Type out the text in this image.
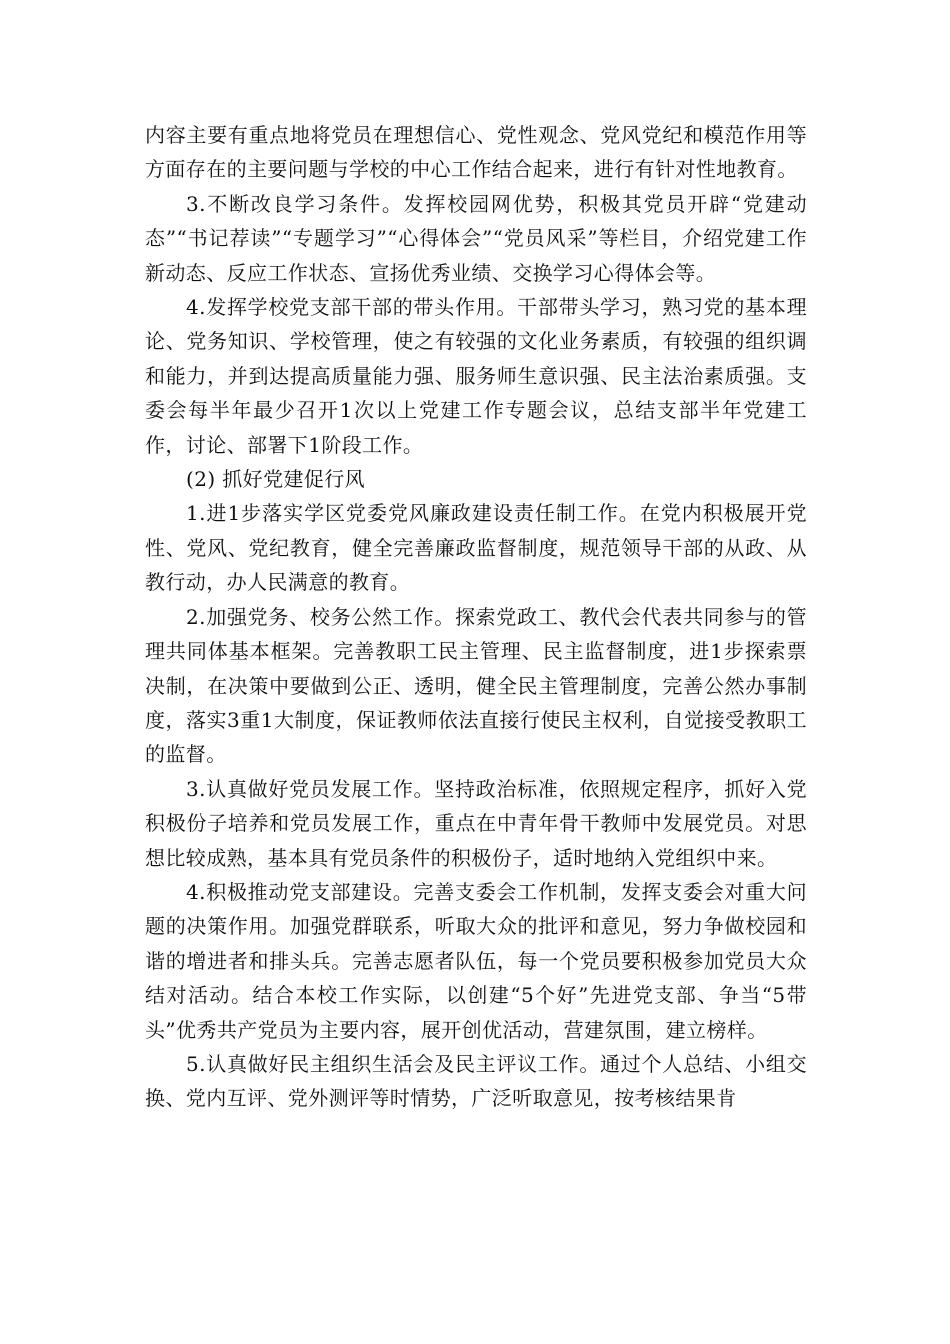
内容主要有重点地将党员在理想信心、党性观念、党风党纪和模范作用等方面存在的主要问题与学校的中心工作结合起来，进行有针对性地教育。

3.不断改良学习条件。发挥校园网优势，积极其党员开辟“党建动态”“书记荐读”“专题学习”“心得体会”“党员风采”等栏目，介绍党建工作新动态、反应工作状态、宣扬优秀业绩、交换学习心得体会等。

4.发挥学校党支部干部的带头作用。干部带头学习，熟习党的基本理论、党务知识、学校管理，使之有较强的文化业务素质，有较强的组织调和能力，并到达提高质量能力强、服务师生意识强、民主法治素质强。支委会每半年最少召开1次以上党建工作专题会议，总结支部半年党建工作，讨论、部署下1阶段工作。

(2) 抓好党建促行风

1.进1步落实学区党委党风廉政建设责任制工作。在党内积极展开党性、党风、党纪教育，健全完善廉政监督制度，规范领导干部的从政、从教行动，办人民满意的教育。

2.加强党务、校务公然工作。探索党政工、教代会代表共同参与的管理共同体基本框架。完善教职工民主管理、民主监督制度，进1步探索票决制，在决策中要做到公正、透明，健全民主管理制度，完善公然办事制度，落实3重1大制度，保证教师依法直接行使民主权利，自觉接受教职工的监督。

3.认真做好党员发展工作。坚持政治标准，依照规定程序，抓好入党积极份子培养和党员发展工作，重点在中青年骨干教师中发展党员。对思想比较成熟，基本具有党员条件的积极份子，适时地纳入党组织中来。

4.积极推动党支部建设。完善支委会工作机制，发挥支委会对重大问题的决策作用。加强党群联系，听取大众的批评和意见，努力争做校园和谐的增进者和排头兵。完善志愿者队伍，每一个党员要积极参加党员大众结对活动。结合本校工作实际，以创建“5个好”先进党支部、争当“5带头”优秀共产党员为主要内容，展开创优活动，营建氛围，建立榜样。

5.认真做好民主组织生活会及民主评议工作。通过个人总结、小组交换、党内互评、党外测评等时情势，广泛听取意见，按考核结果肯
